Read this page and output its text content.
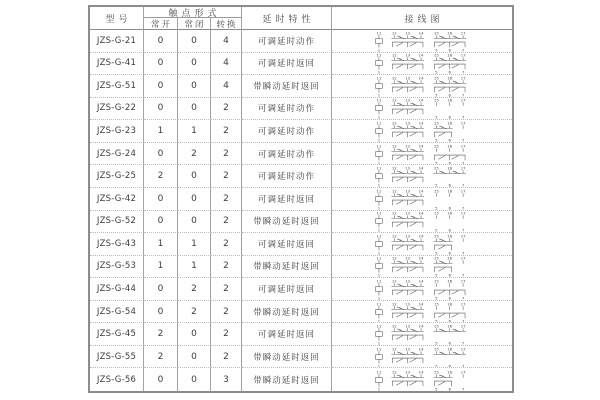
型号
触点形式
常开	常闭	转换	延时特性	接线图
JZS-G-21	0	0	4	可调延时动作
11	12 13 14	15 16 17
1	5	6	7
JZS-G-41	0	0	4	可调延时返回
11	12 13 14	15 16 17
1	5	6	7
JZS-G-51	0	0	4	带瞬动延时返回
11	12 13 14	15 16 17
1	5	6	7
JZS-G-22	0	0	2	可调延时动作
11	12 13 14	15 16 17
1	5	6	7
JZS-G-23	1	1	2	可调延时动作
11	12 13 14	15 16 17
1	5	6	7
JZS-G-24	0	2	2	可调延时动作
11	12 13 14	15 16 17
1	5	6	7
JZS-G-25	2	0	2	可调延时动作
11	12 13 14	15 16 17
1	5	6	7
JZS-G-42	0	0	2	可调延时返回
11	12 13 14	15 16 17
1	5	6	7
JZS-G-52	0	0	2	带瞬动延时返回
11	12 13 14	15 16 17
1	5	6	7
JZS-G-43	1	1	2	可调延时返回
11	12 13 14	15 16 17
1	5	6	7
JZS-G-53	1	1	2	带瞬动延时返回
11	12 13 14	15 16 17
1	5	6	7
JZS-G-44	0	2	2	可调延时返回
11	12 13 14	15 16 17
1	5	6	7
JZS-G-54	0	2	2	带瞬动延时返回
11	12 13 14	15 16 17
1	5	6	7
JZS-G-45	2	0	2	可调延时返回
11	12 13 14	15 16 17
1	5	6	7
JZS-G-55	2	0	2	带瞬动延时返回
11	12 13 14	15 16 17
1	5	6	7
JZS-G-56	0	0	3	带瞬动延时返回
11	12 13 14	15 16 17
1	5	6	7
